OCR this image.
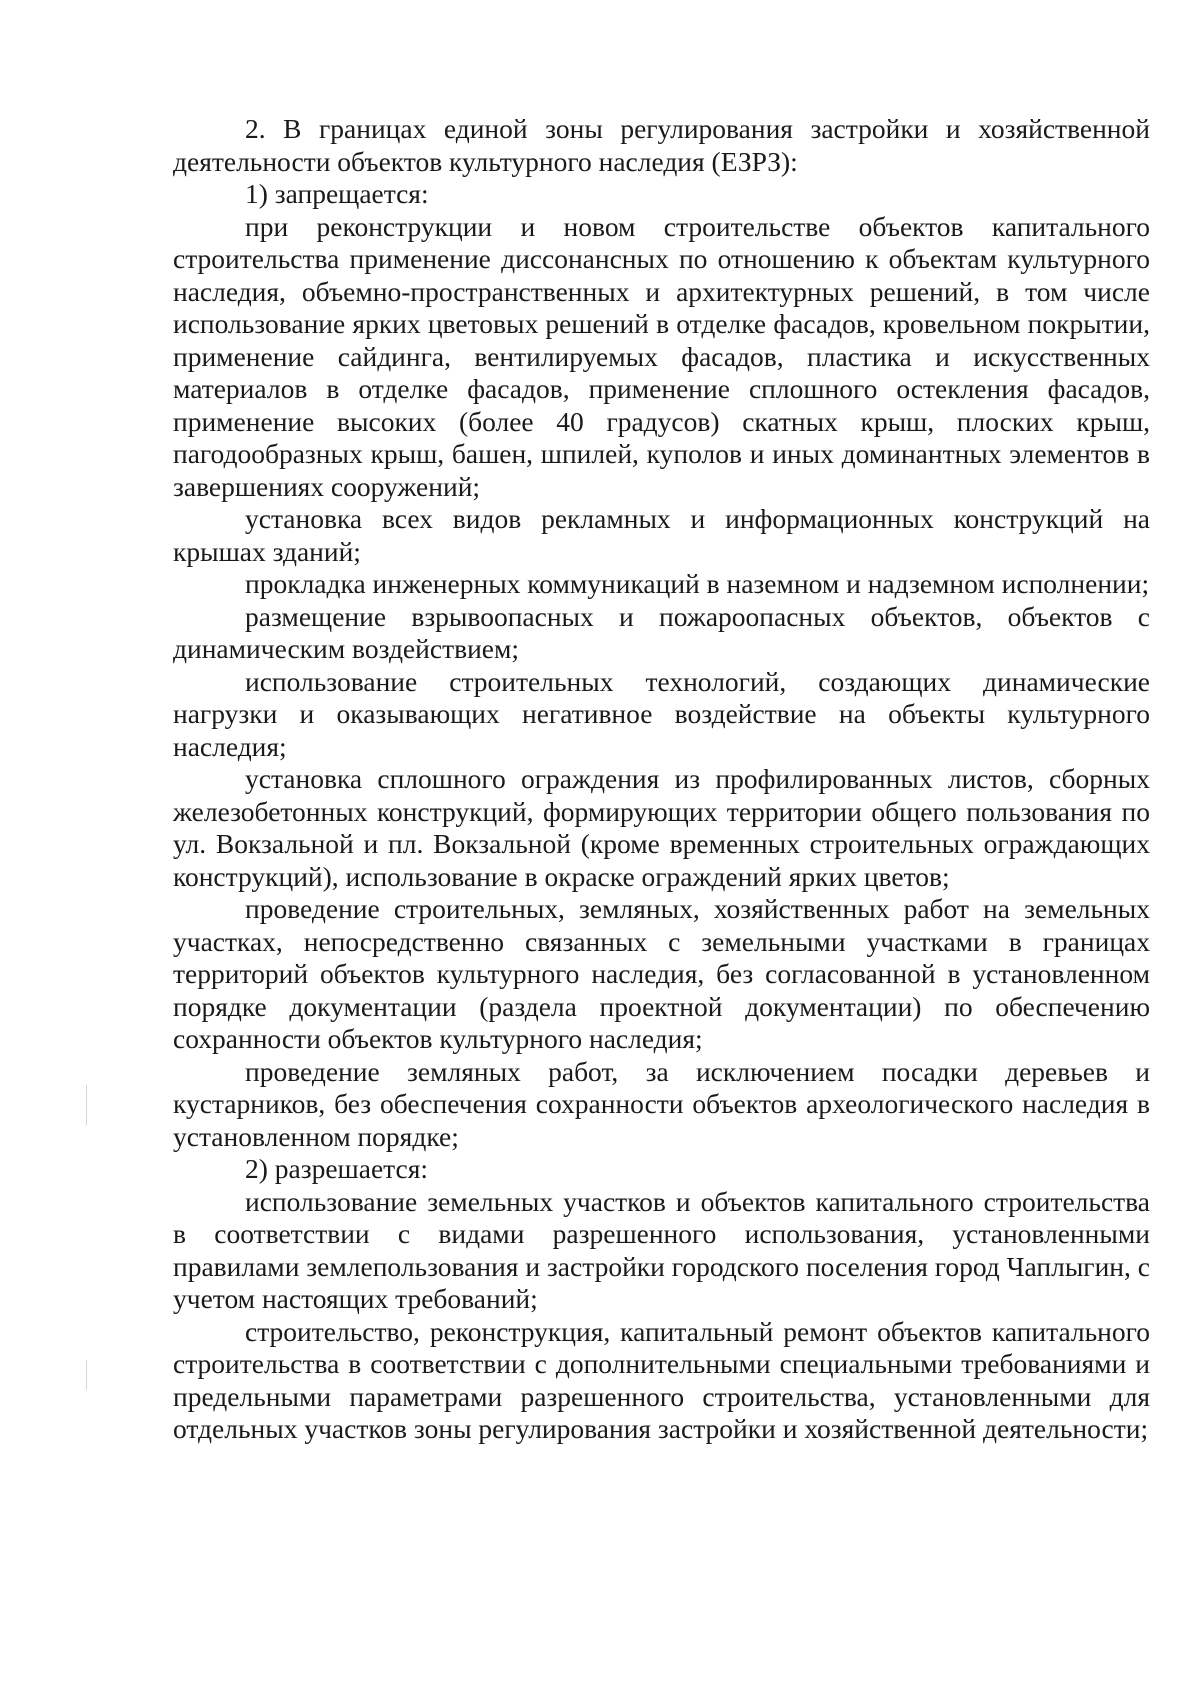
2. В границах единой зоны регулирования застройки и хозяйственной деятельности объектов культурного наследия (ЕЗРЗ):

1) запрещается:

при реконструкции и новом строительстве объектов капитального строительства применение диссонансных по отношению к объектам культурного наследия, объемно-пространственных и архитектурных решений, в том числе использование ярких цветовых решений в отделке фасадов, кровельном покрытии, применение сайдинга, вентилируемых фасадов, пластика и искусственных материалов в отделке фасадов, применение сплошного остекления фасадов, применение высоких (более 40 градусов) скатных крыш, плоских крыш, пагодообразных крыш, башен, шпилей, куполов и иных доминантных элементов в завершениях сооружений;

установка всех видов рекламных и информационных конструкций на крышах зданий;

прокладка инженерных коммуникаций в наземном и надземном исполнении;

размещение взрывоопасных и пожароопасных объектов, объектов с динамическим воздействием;

использование строительных технологий, создающих динамические нагрузки и оказывающих негативное воздействие на объекты культурного наследия;

установка сплошного ограждения из профилированных листов, сборных железобетонных конструкций, формирующих территории общего пользования по ул. Вокзальной и пл. Вокзальной (кроме временных строительных ограждающих конструкций), использование в окраске ограждений ярких цветов;

проведение строительных, земляных, хозяйственных работ на земельных участках, непосредственно связанных с земельными участками в границах территорий объектов культурного наследия, без согласованной в установленном порядке документации (раздела проектной документации) по обеспечению сохранности объектов культурного наследия;

проведение земляных работ, за исключением посадки деревьев и кустарников, без обеспечения сохранности объектов археологического наследия в установленном порядке;

2) разрешается:

использование земельных участков и объектов капитального строительства в соответствии с видами разрешенного использования, установленными правилами землепользования и застройки городского поселения город Чаплыгин, с учетом настоящих требований;

строительство, реконструкция, капитальный ремонт объектов капитального строительства в соответствии с дополнительными специальными требованиями и предельными параметрами разрешенного строительства, установленными для отдельных участков зоны регулирования застройки и хозяйственной деятельности;
